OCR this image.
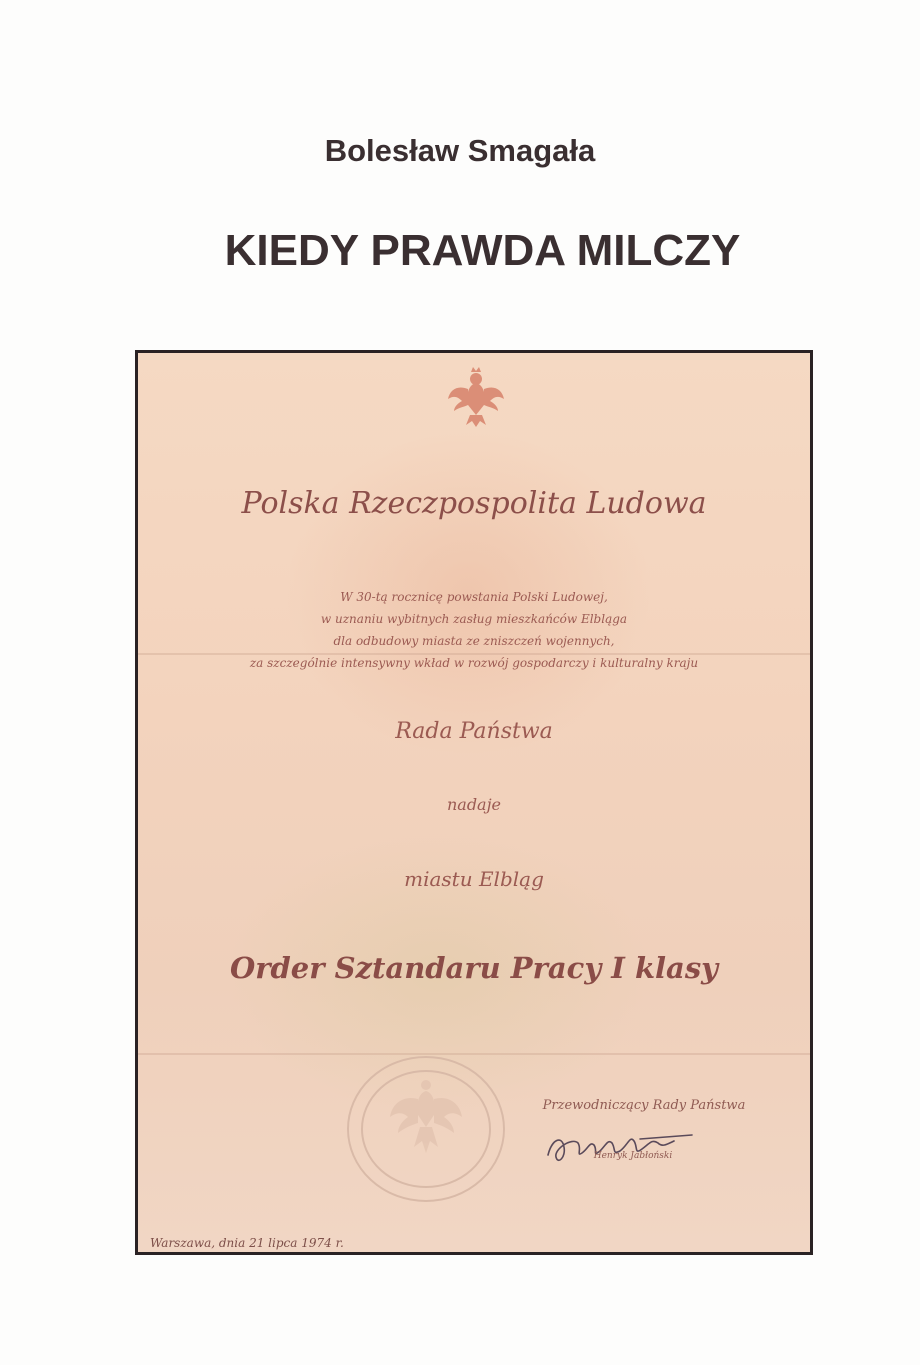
Bolesław Smagała
KIEDY PRAWDA MILCZY
Polska Rzeczpospolita Ludowa
W 30-tą rocznicę powstania Polski Ludowej,
w uznaniu wybitnych zasług mieszkańców Elbląga
dla odbudowy miasta ze zniszczeń wojennych,
za szczególnie intensywny wkład w rozwój gospodarczy i kulturalny kraju
Rada Państwa
nadaje
miastu Elbląg
Order Sztandaru Pracy I klasy
Przewodniczący Rady Państwa
Henryk Jabłoński
Warszawa, dnia 21 lipca 1974 r.
